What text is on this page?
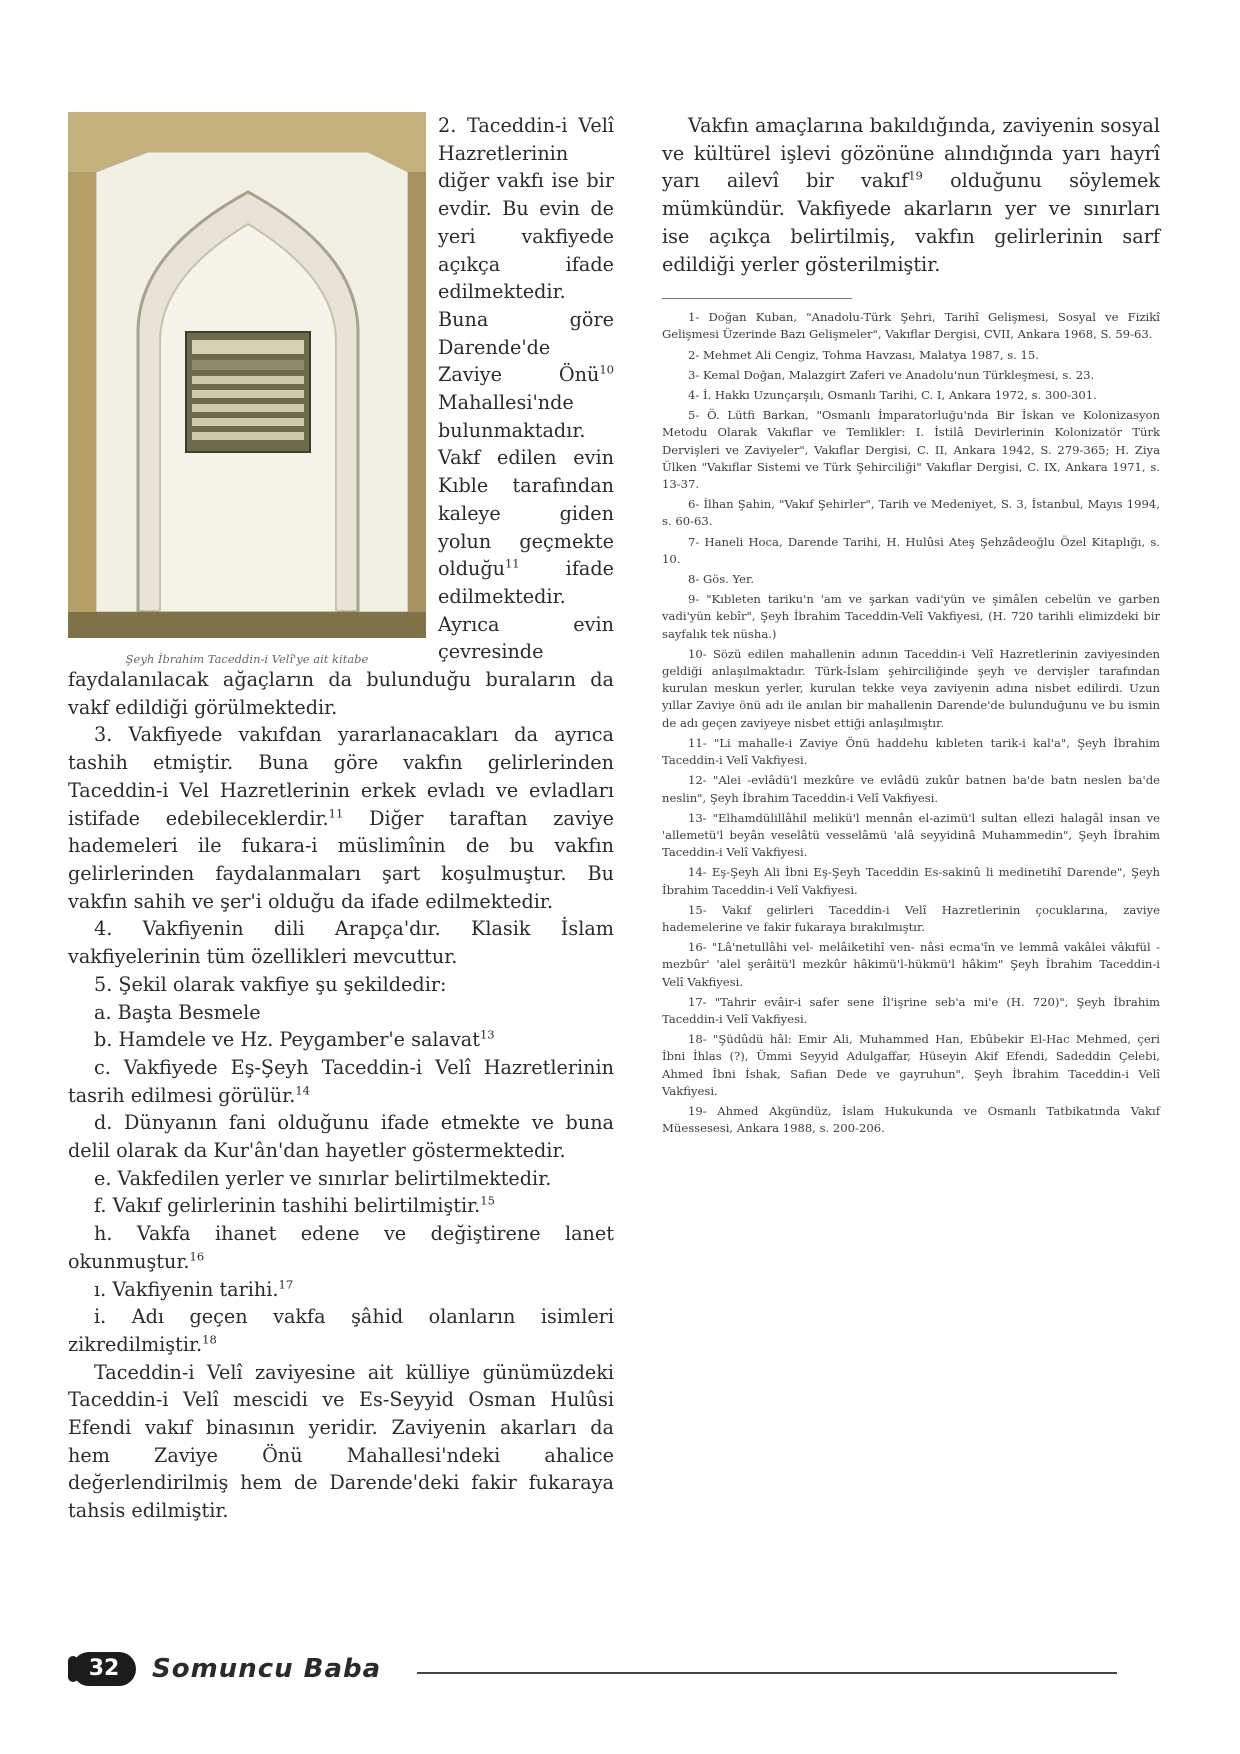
Şeyh İbrahim Taceddin-i Velî'ye ait kitabe

2. Taceddin-i Velî Hazretlerinin diğer vakfı ise bir evdir. Bu evin de yeri vakfiyede açıkça ifade edilmektedir. Buna göre Darende'de Zaviye Önü$^{10}$ Mahallesi'nde bulunmaktadır. Vakf edilen evin Kıble tarafından kaleye giden yolun geçmekte olduğu$^{11}$ ifade edilmektedir. Ayrıca evin çevresinde faydalanılacak ağaçların da bulunduğu buraların da vakf edildiği görülmektedir.

3. Vakfiyede vakıfdan yararlanacakları da ayrıca tashih etmiştir. Buna göre vakfın gelirlerinden Taceddin-i Vel Hazretlerinin erkek evladı ve evladları istifade edebileceklerdir.$^{11}$ Diğer taraftan zaviye hademeleri ile fukara-i müslimînin de bu vakfın gelirlerinden faydalanmaları şart koşulmuştur. Bu vakfın sahih ve şer'i olduğu da ifade edilmektedir.

4. Vakfiyenin dili Arapça'dır. Klasik İslam vakfiyelerinin tüm özellikleri mevcuttur.

5. Şekil olarak vakfiye şu şekildedir:

a. Başta Besmele

b. Hamdele ve Hz. Peygamber'e salavat$^{13}$

c. Vakfiyede Eş-Şeyh Taceddin-i Velî Hazretlerinin tasrih edilmesi görülür.$^{14}$

d. Dünyanın fani olduğunu ifade etmekte ve buna delil olarak da Kur'ân'dan hayetler göstermektedir.

e. Vakfedilen yerler ve sınırlar belirtilmektedir.

f. Vakıf gelirlerinin tashihi belirtilmiştir.$^{15}$

h. Vakfa ihanet edene ve değiştirene lanet okunmuştur.$^{16}$

ı. Vakfiyenin tarihi.$^{17}$

i. Adı geçen vakfa şâhid olanların isimleri zikredilmiştir.$^{18}$

Taceddin-i Velî zaviyesine ait külliye günümüzdeki Taceddin-i Velî mescidi ve Es-Seyyid Osman Hulûsi Efendi vakıf binasının yeridir. Zaviyenin akarları da hem Zaviye Önü Mahallesi'ndeki ahalice değerlendirilmiş hem de Darende'deki fakir fukaraya tahsis edilmiştir.

Vakfın amaçlarına bakıldığında, zaviyenin sosyal ve kültürel işlevi gözönüne alındığında yarı hayrî yarı ailevî bir vakıf$^{19}$ olduğunu söylemek mümkündür. Vakfiyede akarların yer ve sınırları ise açıkça belirtilmiş, vakfın gelirlerinin sarf edildiği yerler gösterilmiştir.

1- Doğan Kuban, "Anadolu-Türk Şehri, Tarihî Gelişmesi, Sosyal ve Fizikî Gelişmesi Üzerinde Bazı Gelişmeler", Vakıflar Dergisi, CVII, Ankara 1968, S. 59-63.

2- Mehmet Ali Cengiz, Tohma Havzası, Malatya 1987, s. 15.

3- Kemal Doğan, Malazgirt Zaferi ve Anadolu'nun Türkleşmesi, s. 23.

4- İ. Hakkı Uzunçarşılı, Osmanlı Tarihi, C. I, Ankara 1972, s. 300-301.

5- Ö. Lütfi Barkan, "Osmanlı İmparatorluğu'nda Bir İskan ve Kolonizasyon Metodu Olarak Vakıflar ve Temlikler: I. İstilâ Devirlerinin Kolonizatör Türk Dervişleri ve Zaviyeler", Vakıflar Dergisi, C. II, Ankara 1942, S. 279-365; H. Ziya Ülken "Vakıflar Sistemi ve Türk Şehirciliği" Vakıflar Dergisi, C. IX, Ankara 1971, s. 13-37.

6- İlhan Şahin, "Vakıf Şehirler", Tarih ve Medeniyet, S. 3, İstanbul, Mayıs 1994, s. 60-63.

7- Haneli Hoca, Darende Tarihi, H. Hulûsi Ateş Şehzâdeoğlu Özel Kitaplığı, s. 10.

8- Gös. Yer.

9- "Kıbleten tariku'n 'am ve şarkan vadi'yün ve şimâlen cebelün ve garben vadi'yün kebîr", Şeyh İbrahim Taceddin-Velî Vakfiyesi, (H. 720 tarihli elimizdeki bir sayfalık tek nüsha.)

10- Sözü edilen mahallenin adının Taceddin-i Velî Hazretlerinin zaviyesinden geldiği anlaşılmaktadır. Türk-İslam şehirciliğinde şeyh ve dervişler tarafından kurulan meskun yerler, kurulan tekke veya zaviyenin adına nisbet edilirdi. Uzun yıllar Zaviye önü adı ile anılan bir mahallenin Darende'de bulunduğunu ve bu ismin de adı geçen zaviyeye nisbet ettiği anlaşılmıştır.

11- "Li mahalle-i Zaviye Önü haddehu kıbleten tarik-i kal'a", Şeyh İbrahim Taceddin-i Velî Vakfiyesi.

12- "Alei -evlâdü'l mezkûre ve evlâdü zukûr batnen ba'de batn neslen ba'de neslin", Şeyh İbrahim Taceddin-i Velî Vakfiyesi.

13- "Elhamdülillâhil melikü'l mennân el-azimü'l sultan ellezi halagâl insan ve 'allemetü'l beyân veselâtü vesselâmü 'alâ seyyidinâ Muhammedin", Şeyh İbrahim Taceddin-i Velî Vakfiyesi.

14- Eş-Şeyh Ali İbni Eş-Şeyh Taceddin Es-sakinû li medinetihî Darende", Şeyh İbrahim Taceddin-i Velî Vakfiyesi.

15- Vakıf gelirleri Taceddin-i Velî Hazretlerinin çocuklarına, zaviye hademelerine ve fakir fukaraya bırakılmıştır.

16- "Lâ'netullâhi vel- melâiketihî ven- nâsi ecma'în ve lemmâ vakâlei vâkıfül -mezbûr' 'alel şerâitü'l mezkûr hâkimü'l-hükmü'l hâkim" Şeyh İbrahim Taceddin-i Velî Vakfiyesi.

17- "Tahrir evâir-i safer sene İl'işrine seb'a mi'e (H. 720)", Şeyh İbrahim Taceddin-i Velî Vakfiyesi.

18- "Şüdûdü hâl: Emir Ali, Muhammed Han, Ebûbekir El-Hac Mehmed, çeri İbni İhlas (?), Ümmi Seyyid Adulgaffar, Hüseyin Akif Efendi, Sadeddin Çelebi, Ahmed İbni İshak, Safian Dede ve gayruhun", Şeyh İbrahim Taceddin-i Velî Vakfiyesi.

19- Ahmed Akgündüz, İslam Hukukunda ve Osmanlı Tatbikatında Vakıf Müessesesi, Ankara 1988, s. 200-206.

32	Somuncu Baba
